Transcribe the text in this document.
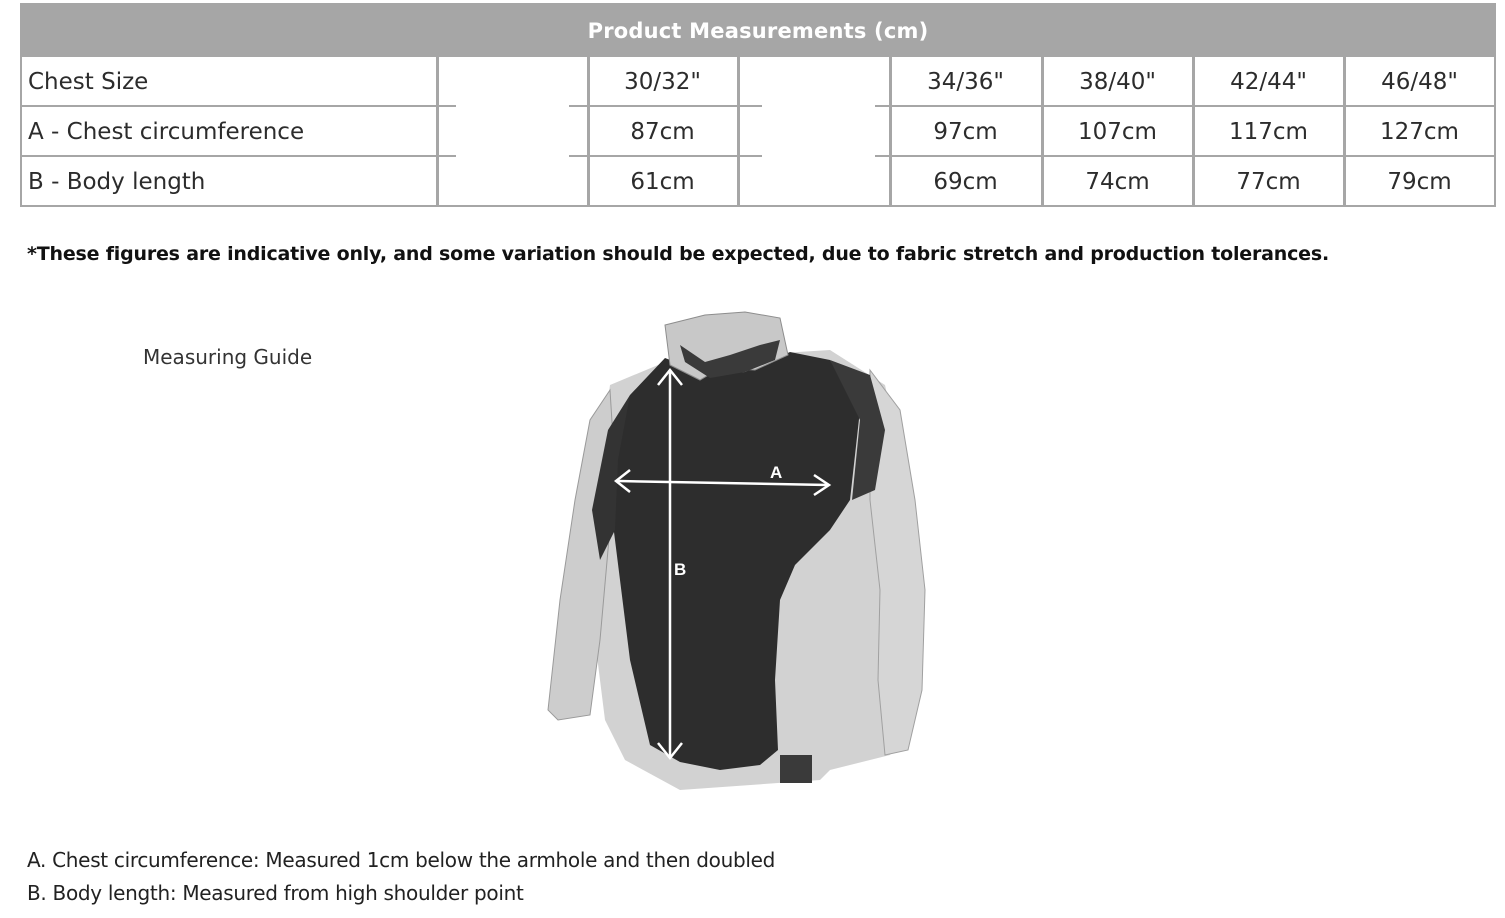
Product Measurements (cm)
Chest Size	30/32"	34/36"	38/40"	42/44"	46/48"
A - Chest circumference	87cm	97cm	107cm	117cm	127cm
B - Body length	61cm	69cm	74cm	77cm	79cm
*These figures are indicative only, and some variation should be expected, due to fabric stretch and production tolerances.
Measuring Guide
A
B
A. Chest circumference: Measured 1cm below the armhole and then doubled
B. Body length: Measured from high shoulder point
